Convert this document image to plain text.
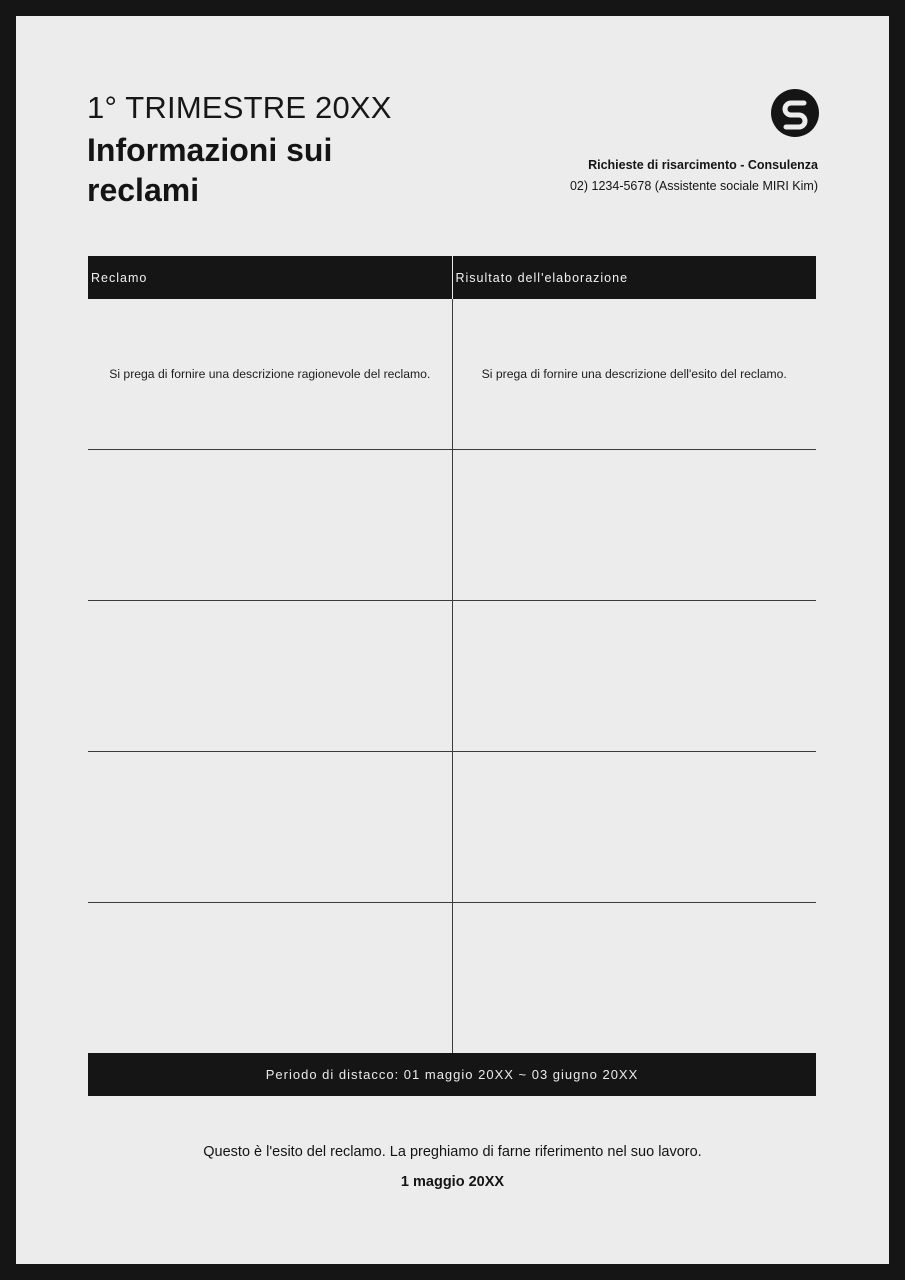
1° TRIMESTRE 20XX
Informazioni sui reclami
Richieste di risarcimento - Consulenza
02) 1234-5678 (Assistente sociale MIRI Kim)
Reclamo	Risultato dell'elaborazione
Si prega di fornire una descrizione ragionevole del reclamo.	Si prega di fornire una descrizione dell'esito del reclamo.
Periodo di distacco: 01 maggio 20XX ~ 03 giugno 20XX
Questo è l'esito del reclamo. La preghiamo di farne riferimento nel suo lavoro.
1 maggio 20XX
